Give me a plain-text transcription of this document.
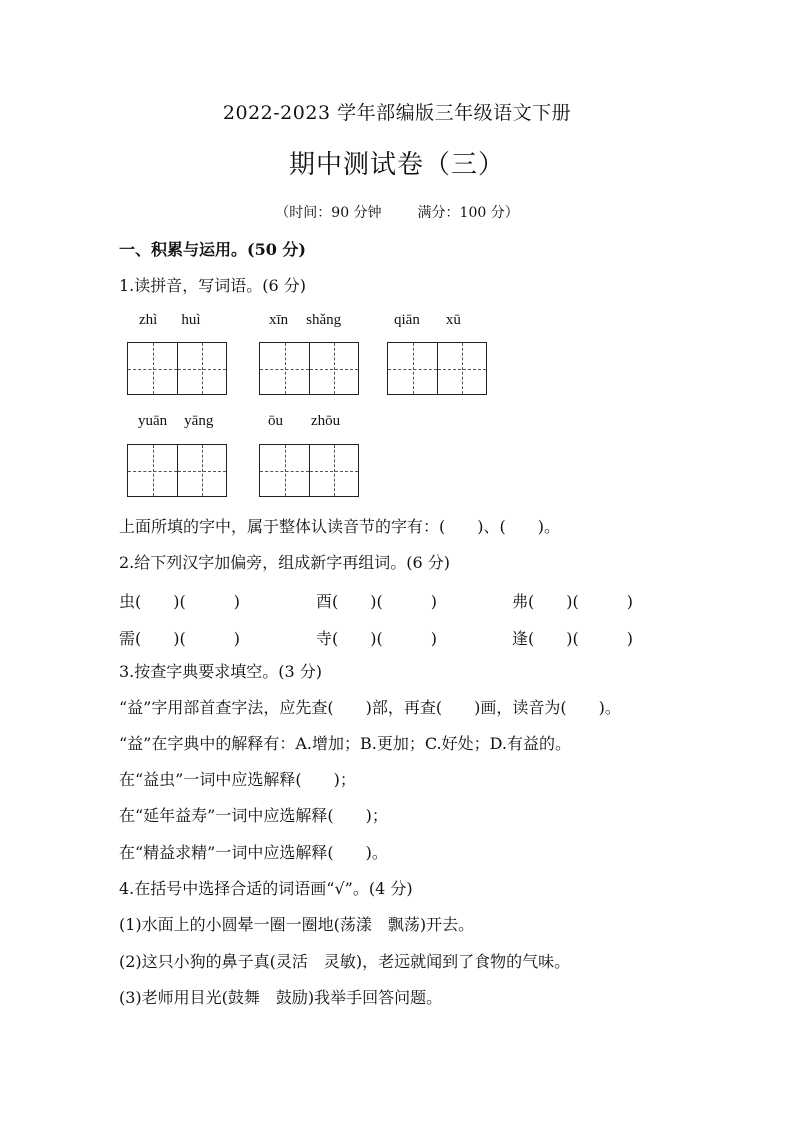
2022-2023 学年部编版三年级语文下册
期中测试卷（三）
（时间：90 分钟	满分：100 分）
一、积累与运用。(50 分)
1.读拼音，写词语。(6 分)
zhì huì	xīn shǎng	qiān xū
yuān yāng	ōu zhōu
上面所填的字中，属于整体认读音节的字有：(　　)、(　　)。
2.给下列汉字加偏旁，组成新字再组词。(6 分)
虫(　　)(　　　)	酉(　　)(　　　)	弗(　　)(　　　)
需(　　)(　　　)	寺(　　)(　　　)	逢(　　)(　　　)
3.按查字典要求填空。(3 分)
“益”字用部首查字法，应先查(　　)部，再查(　　)画，读音为(　　)。
“益”在字典中的解释有：A.增加；B.更加；C.好处；D.有益的。
在“益虫”一词中应选解释(　　)；
在“延年益寿”一词中应选解释(　　)；
在“精益求精”一词中应选解释(　　)。
4.在括号中选择合适的词语画“√”。(4 分)
(1)水面上的小圆晕一圈一圈地(荡漾　飘荡)开去。
(2)这只小狗的鼻子真(灵活　灵敏)，老远就闻到了食物的气味。
(3)老师用目光(鼓舞　鼓励)我举手回答问题。
